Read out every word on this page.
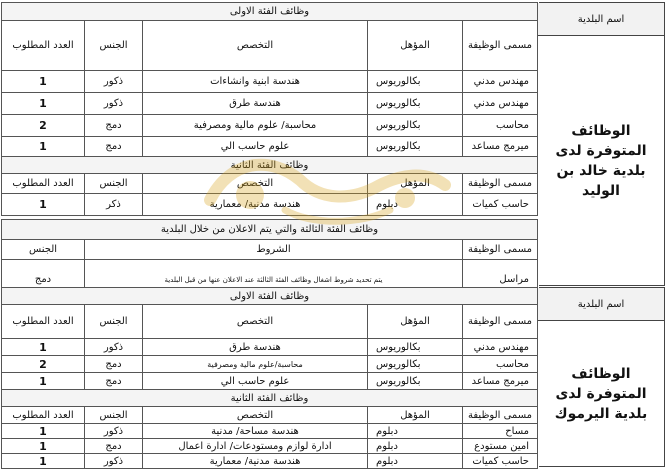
اسم البلدية
الوظائف المتوفرة لدى بلدية خالد بن الوليد
اسم البلدية
الوظائف المتوفرة لدى بلدية اليرموك
وظائف الفئة الاولى				
مسمى الوظيفة	المؤهل	التخصص	الجنس	العدد المطلوب
مهندس مدني	بكالوريوس	هندسة ابنية وانشاءات	ذكور	1
مهندس مدني	بكالوريوس	هندسة طرق	ذكور	1
محاسب	بكالوريوس	محاسبة/ علوم مالية ومصرفية	دمج	2
ميرمج مساعد	بكالوريوس	علوم حاسب الي	دمج	1
وظائف الفئة الثانية				
مسمى الوظيفة	المؤهل	التخصص	الجنس	العدد المطلوب
حاسب كميات	دبلوم	هندسة مدنية/ معمارية	ذكر	1
وظائف الفئة الثالثة والتي يتم الاعلان من خلال البلدية			
مسمى الوظيفة	الشروط	الجنس	
مراسل	يتم تحديد شروط اشغال وظائف الفئة الثالثة عند الاعلان عنها من قبل البلدية	دمج	
وظائف الفئة الاولى				
مسمى الوظيفة	المؤهل	التخصص	الجنس	العدد المطلوب
مهندس مدني	بكالوريوس	هندسة طرق	ذكور	1
محاسب	بكالوريوس	محاسبة/علوم مالية ومصرفية	دمج	2
ميرمج مساعد	بكالوريوس	علوم حاسب الي	دمج	1
وظائف الفئة الثانية				
مسمى الوظيفة	المؤهل	التخصص	الجنس	العدد المطلوب
مساح	دبلوم	هندسة مساحة/ مدنية	ذكور	1
امين مستودع	دبلوم	ادارة لوازم ومستودعات/ ادارة اعمال	دمج	1
حاسب كميات	دبلوم	هندسة مدنية/ معمارية	ذكور	1
